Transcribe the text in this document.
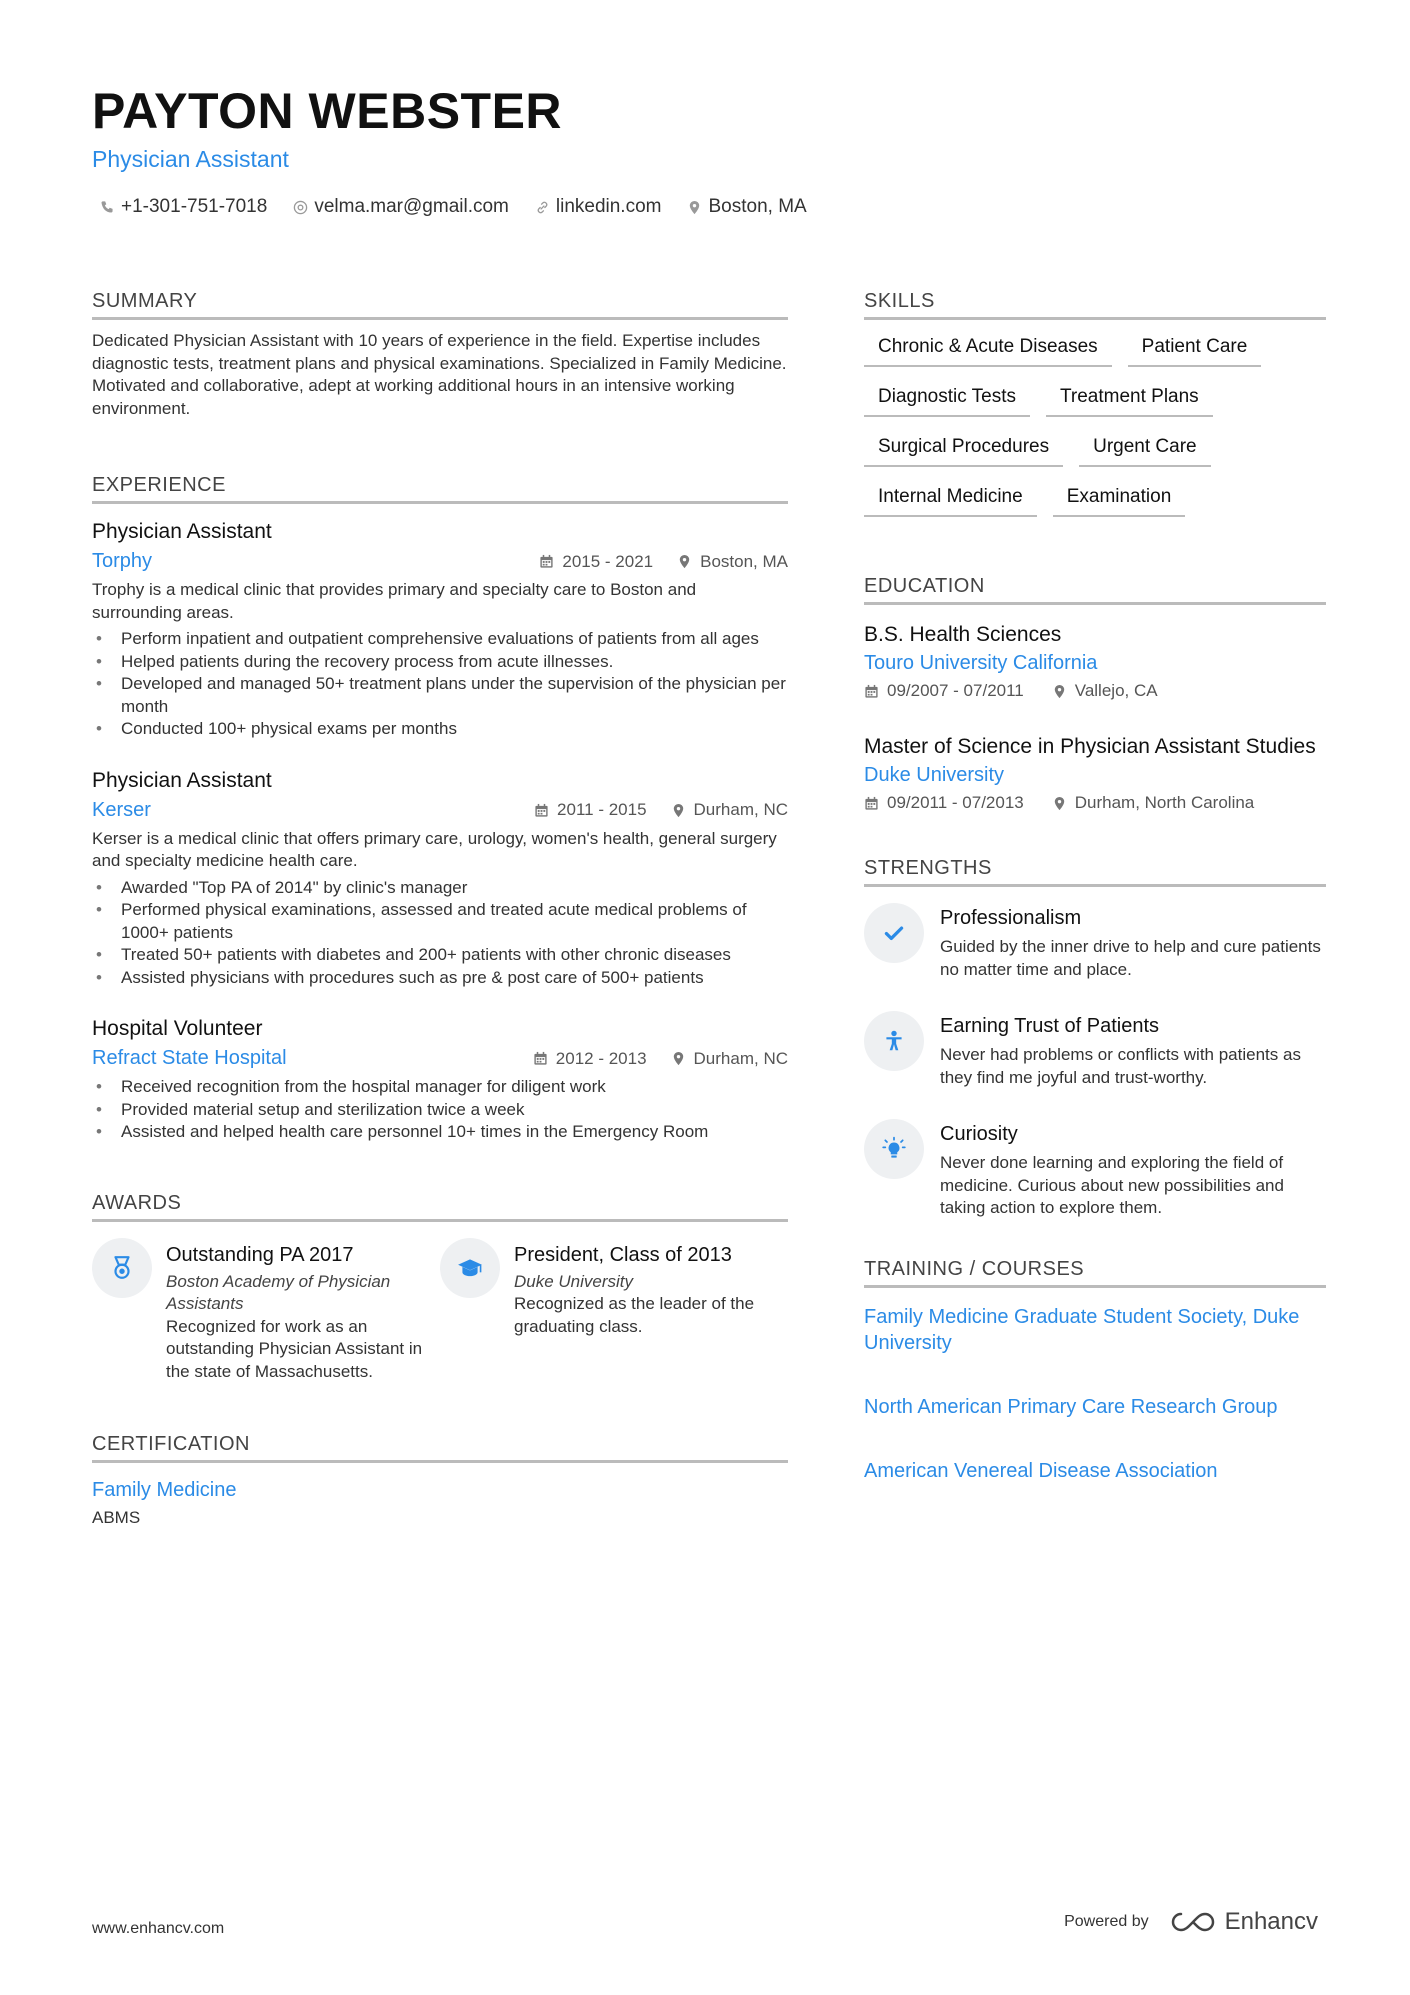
PAYTON WEBSTER
Physician Assistant
+1-301-751-7018 velma.mar@gmail.com linkedin.com Boston, MA
SUMMARY

Dedicated Physician Assistant with 10 years of experience in the field. Expertise includes diagnostic tests, treatment plans and physical examinations. Specialized in Family Medicine. Motivated and collaborative, adept at working additional hours in an intensive working environment.

EXPERIENCE
Physician Assistant
Torphy	2015 - 2021	Boston, MA

Trophy is a medical clinic that provides primary and specialty care to Boston and surrounding areas.

• Perform inpatient and outpatient comprehensive evaluations of patients from all ages
• Helped patients during the recovery process from acute illnesses.
• Developed and managed 50+ treatment plans under the supervision of the physician per month
• Conducted 100+ physical exams per months
Physician Assistant
Kerser	2011 - 2015	Durham, NC

Kerser is a medical clinic that offers primary care, urology, women's health, general surgery and specialty medicine health care.

• Awarded "Top PA of 2014" by clinic's manager
• Performed physical examinations, assessed and treated acute medical problems of 1000+ patients
• Treated 50+ patients with diabetes and 200+ patients with other chronic diseases
• Assisted physicians with procedures such as pre & post care of 500+ patients
Hospital Volunteer
Refract State Hospital	2012 - 2013	Durham, NC
• Received recognition from the hospital manager for diligent work
• Provided material setup and sterilization twice a week
• Assisted and helped health care personnel 10+ times in the Emergency Room
AWARDS
Outstanding PA 2017
Boston Academy of Physician Assistants
Recognized for work as an outstanding Physician Assistant in the state of Massachusetts.
President, Class of 2013
Duke University
Recognized as the leader of the graduating class.
CERTIFICATION
Family Medicine
ABMS
SKILLS
Chronic & Acute Diseases	Patient Care
Diagnostic Tests	Treatment Plans
Surgical Procedures	Urgent Care
Internal Medicine	Examination
EDUCATION
B.S. Health Sciences
Touro University California
09/2007 - 07/2011	Vallejo, CA
Master of Science in Physician Assistant Studies
Duke University
09/2011 - 07/2013	Durham, North Carolina
STRENGTHS
Professionalism
Guided by the inner drive to help and cure patients no matter time and place.
Earning Trust of Patients
Never had problems or conflicts with patients as they find me joyful and trust-worthy.
Curiosity
Never done learning and exploring the field of medicine. Curious about new possibilities and taking action to explore them.
TRAINING / COURSES
Family Medicine Graduate Student Society, Duke University
North American Primary Care Research Group
American Venereal Disease Association
www.enhancv.com	Powered by	Enhancv
